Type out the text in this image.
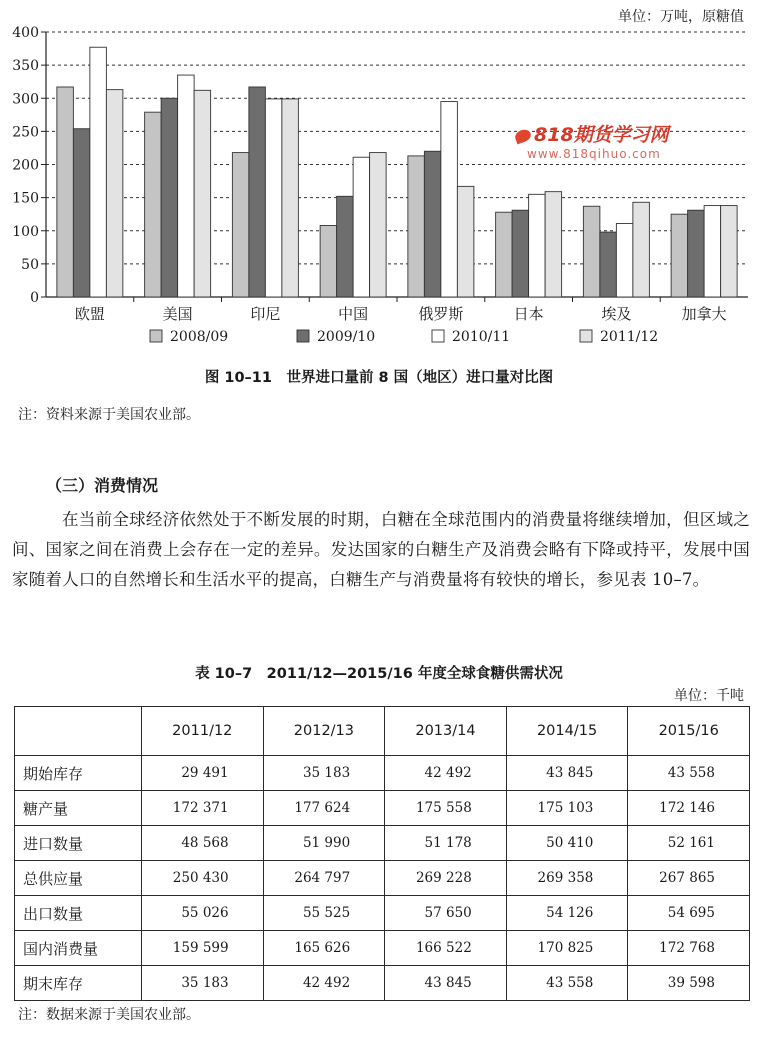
单位：万吨，原糖值
0
50
100
150
200
250
300
350
400
欧盟	美国	印尼	中国	俄罗斯	日本	埃及	加拿大
2008/09	2009/10	2010/11	2011/12
818期货学习网
www.818qihuo.com
图 10–11　世界进口量前 8 国（地区）进口量对比图
注：资料来源于美国农业部。
（三）消费情况
在当前全球经济依然处于不断发展的时期，白糖在全球范围内的消费量将继续增加，但区域之间、国家之间在消费上会存在一定的差异。发达国家的白糖生产及消费会略有下降或持平，发展中国家随着人口的自然增长和生活水平的提高，白糖生产与消费量将有较快的增长，参见表 10–7。
表 10–7　2011/12—2015/16 年度全球食糖供需状况
单位：千吨
	2011/12	2012/13	2013/14	2014/15	2015/16
期始库存	29 491	35 183	42 492	43 845	43 558
糖产量	172 371	177 624	175 558	175 103	172 146
进口数量	48 568	51 990	51 178	50 410	52 161
总供应量	250 430	264 797	269 228	269 358	267 865
出口数量	55 026	55 525	57 650	54 126	54 695
国内消费量	159 599	165 626	166 522	170 825	172 768
期末库存	35 183	42 492	43 845	43 558	39 598
注：数据来源于美国农业部。
